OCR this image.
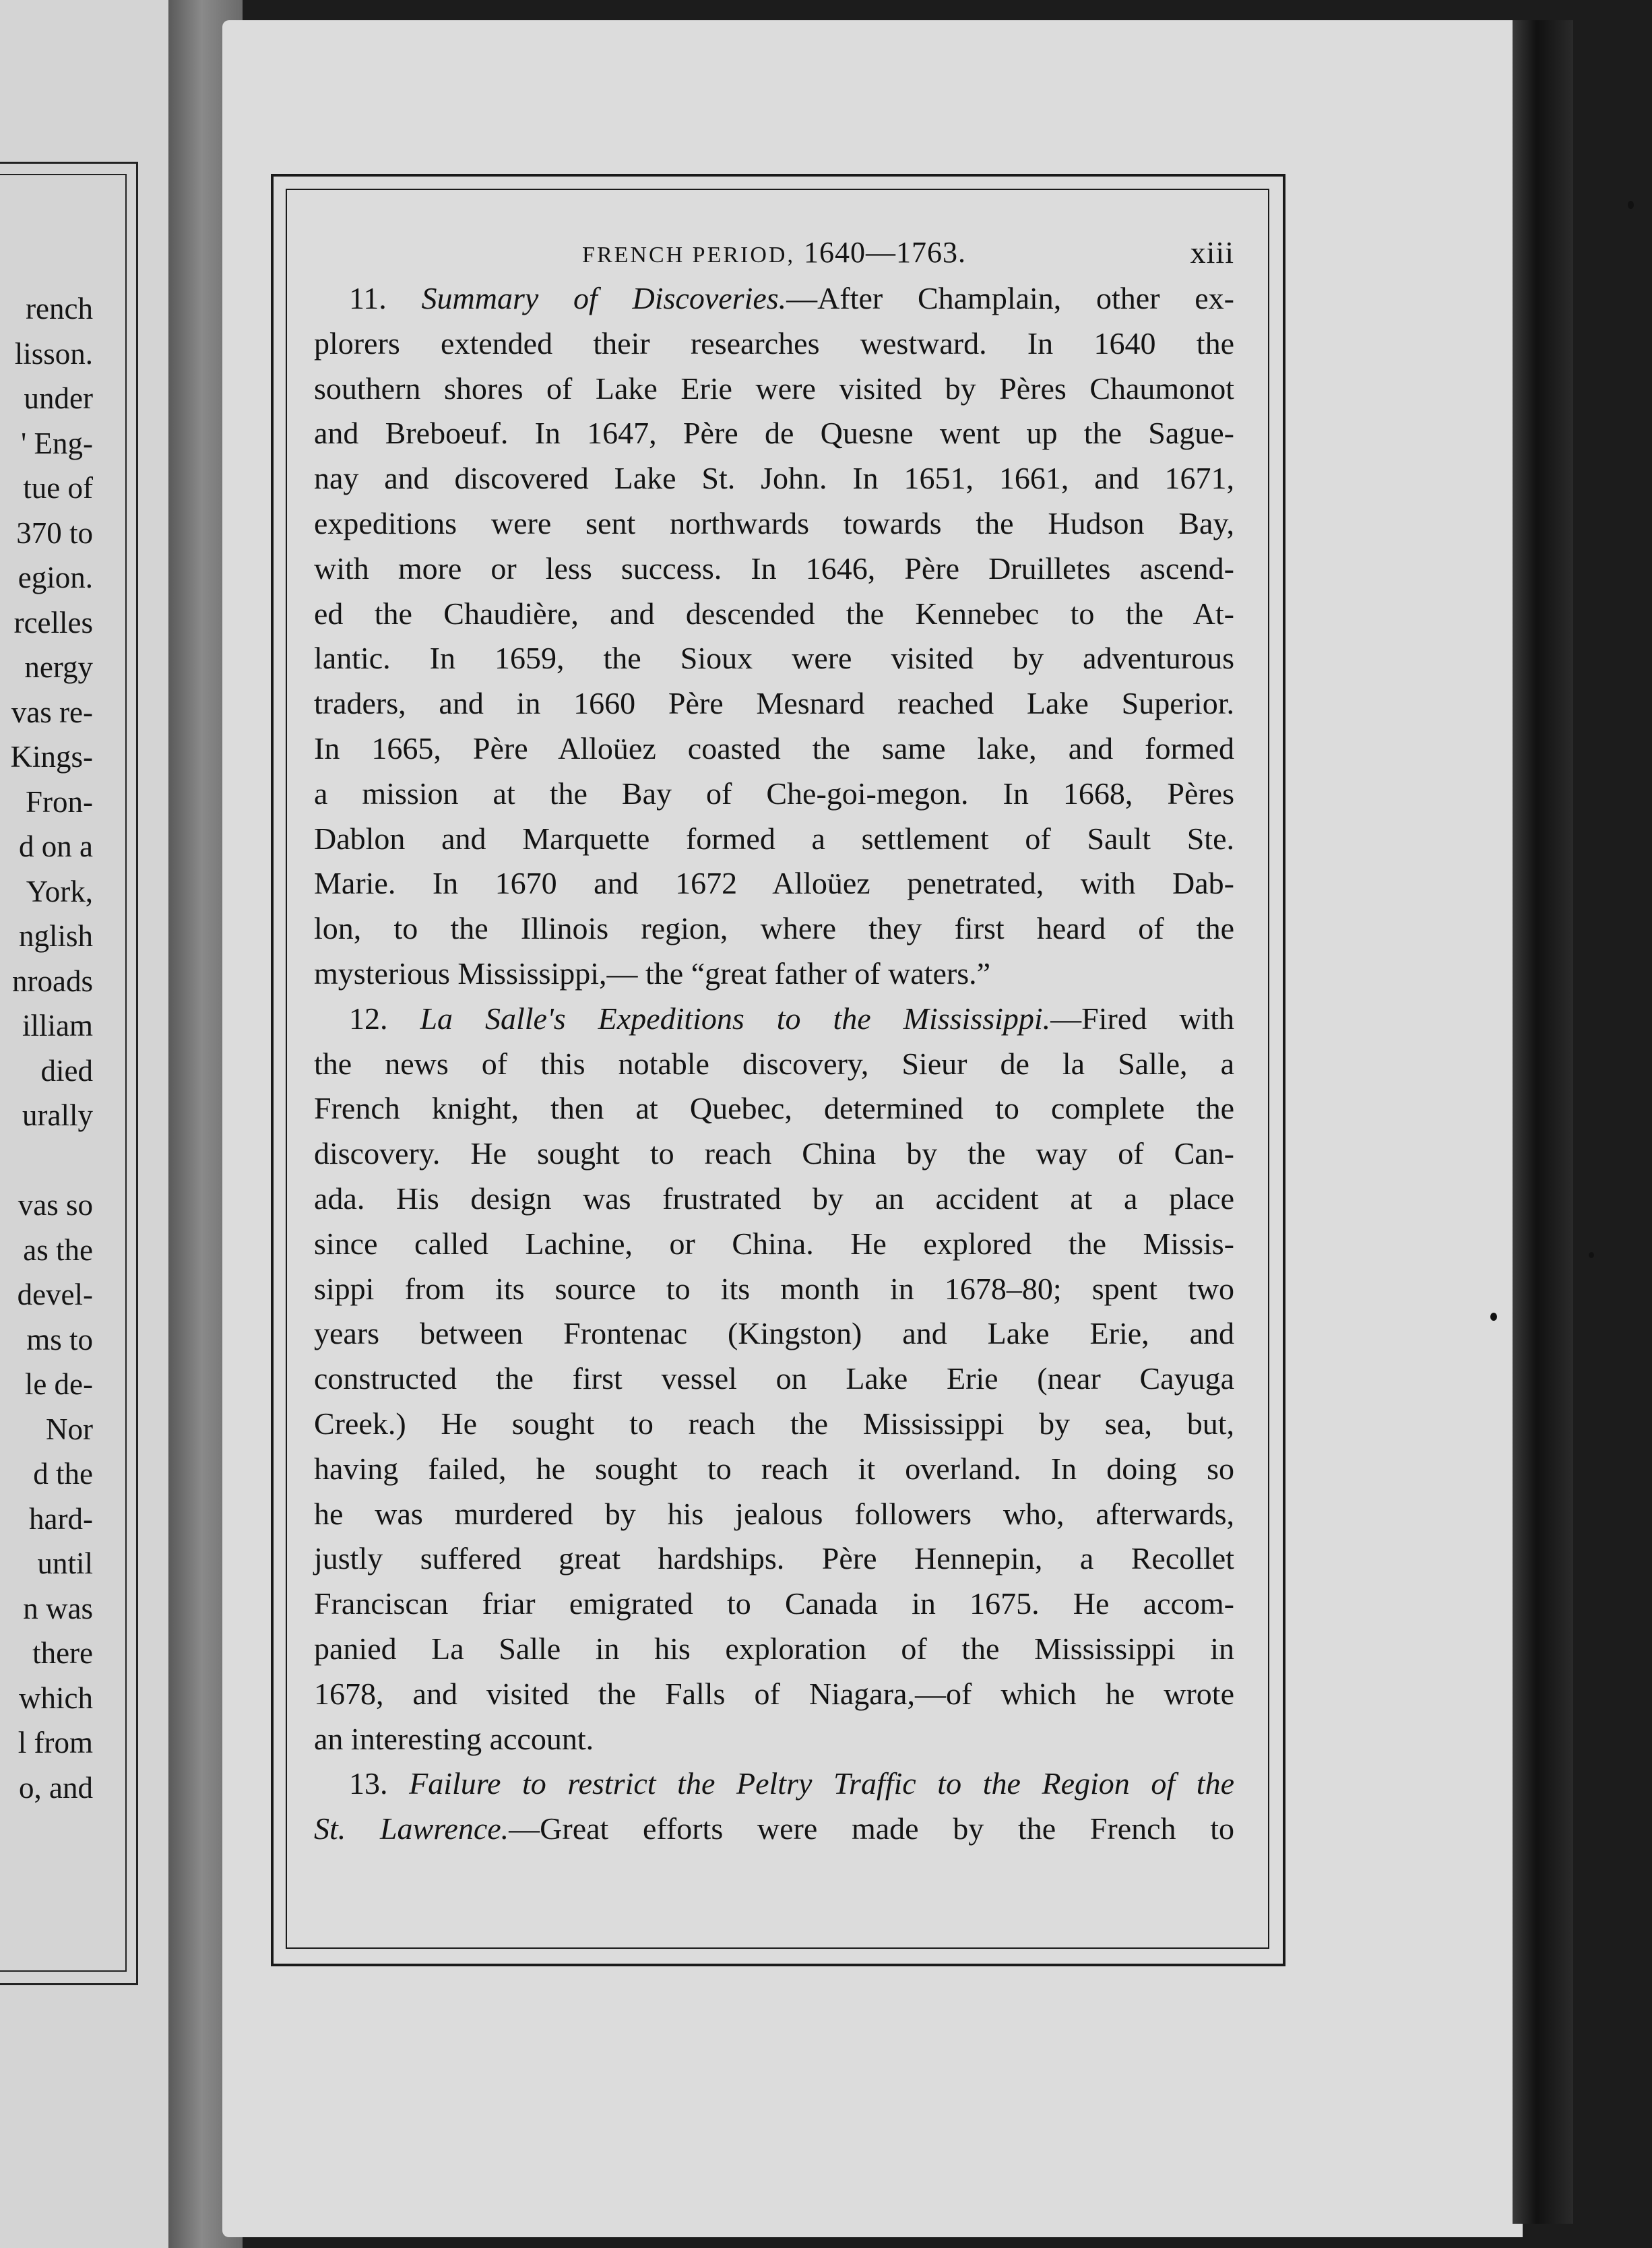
rench
lisson.
under
' Eng-
tue of
370 to
egion.
rcelles
nergy
vas re-
Kings-
Fron-
d on a
York,
nglish
nroads
illiam
died
urally
vas so
as the
devel-
ms to
le de-
Nor
d the
hard-
until
n was
there
which
l from
o, and
FRENCH PERIOD, 1640—1763.	xiii
11. Summary of Discoveries.—After Champlain, other ex-
plorers extended their researches westward. In 1640 the
southern shores of Lake Erie were visited by Pères Chaumonot
and Breboeuf. In 1647, Père de Quesne went up the Sague-
nay and discovered Lake St. John. In 1651, 1661, and 1671,
expeditions were sent northwards towards the Hudson Bay,
with more or less success. In 1646, Père Druilletes ascend-
ed the Chaudière, and descended the Kennebec to the At-
lantic. In 1659, the Sioux were visited by adventurous
traders, and in 1660 Père Mesnard reached Lake Superior.
In 1665, Père Alloüez coasted the same lake, and formed
a mission at the Bay of Che-goi-megon. In 1668, Pères
Dablon and Marquette formed a settlement of Sault Ste.
Marie. In 1670 and 1672 Alloüez penetrated, with Dab-
lon, to the Illinois region, where they first heard of the
mysterious Mississippi,— the “great father of waters.”
12. La Salle's Expeditions to the Mississippi.—Fired with
the news of this notable discovery, Sieur de la Salle, a
French knight, then at Quebec, determined to complete the
discovery. He sought to reach China by the way of Can-
ada. His design was frustrated by an accident at a place
since called Lachine, or China. He explored the Missis-
sippi from its source to its month in 1678–80; spent two
years between Frontenac (Kingston) and Lake Erie, and
constructed the first vessel on Lake Erie (near Cayuga
Creek.) He sought to reach the Mississippi by sea, but,
having failed, he sought to reach it overland. In doing so
he was murdered by his jealous followers who, afterwards,
justly suffered great hardships. Père Hennepin, a Recollet
Franciscan friar emigrated to Canada in 1675. He accom-
panied La Salle in his exploration of the Mississippi in
1678, and visited the Falls of Niagara,—of which he wrote
an interesting account.
13. Failure to restrict the Peltry Traffic to the Region of the
St. Lawrence.—Great efforts were made by the French to
